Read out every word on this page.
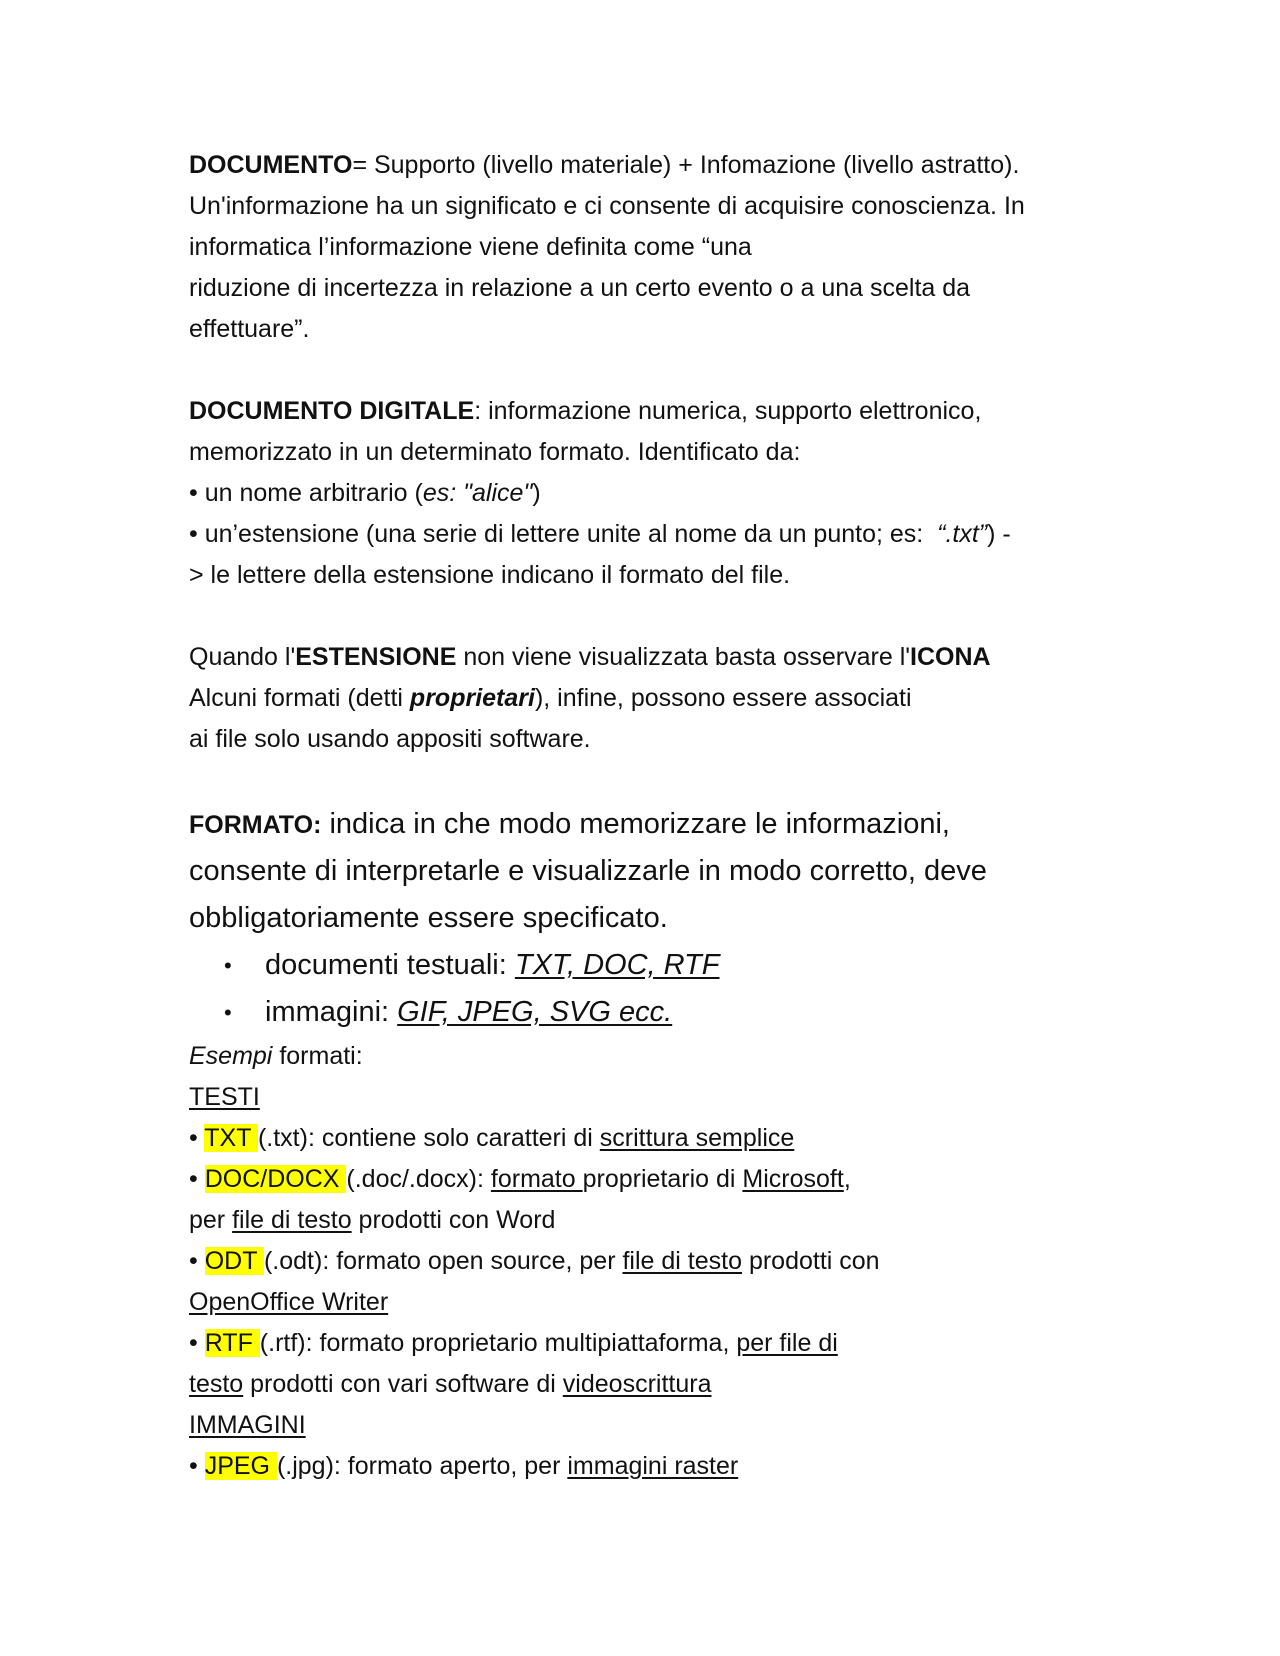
DOCUMENTO= Supporto (livello materiale) + Infomazione (livello astratto).
Un'informazione ha un significato e ci consente di acquisire conoscienza. In
informatica l’informazione viene definita come “una
riduzione di incertezza in relazione a un certo evento o a una scelta da
effettuare”.
DOCUMENTO DIGITALE: informazione numerica, supporto elettronico,
memorizzato in un determinato formato. Identificato da:
• un nome arbitrario (es: "alice")
• un’estensione (una serie di lettere unite al nome da un punto; es:  “.txt”) -
> le lettere della estensione indicano il formato del file.
Quando l'ESTENSIONE non viene visualizzata basta osservare l'ICONA
Alcuni formati (detti proprietari), infine, possono essere associati
ai file solo usando appositi software.
FORMATO: indica in che modo memorizzare le informazioni,
consente di interpretarle e visualizzarle in modo corretto, deve
obbligatoriamente essere specificato.
• documenti testuali: TXT, DOC, RTF
• immagini: GIF, JPEG, SVG ecc.
Esempi formati:
TESTI
• TXT (.txt): contiene solo caratteri di scrittura semplice
• DOC/DOCX (.doc/.docx): formato proprietario di Microsoft,
per file di testo prodotti con Word
• ODT (.odt): formato open source, per file di testo prodotti con
OpenOffice Writer
• RTF (.rtf): formato proprietario multipiattaforma, per file di
testo prodotti con vari software di videoscrittura
IMMAGINI
• JPEG (.jpg): formato aperto, per immagini raster
